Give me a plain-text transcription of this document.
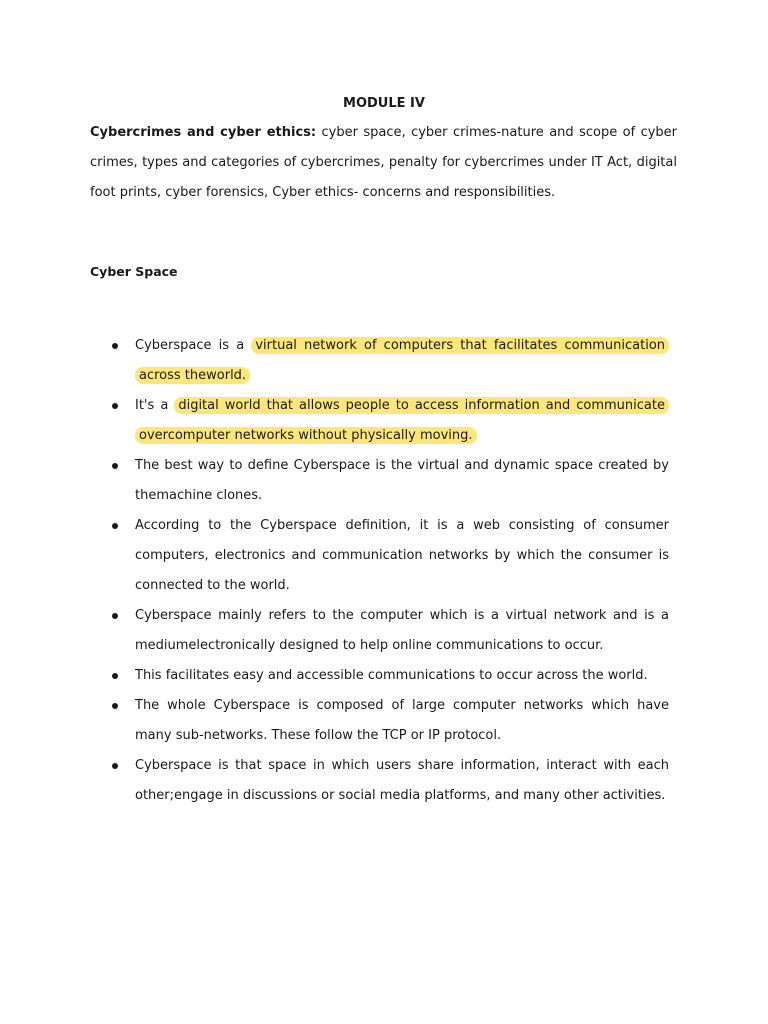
MODULE IV

Cybercrimes and cyber ethics: cyber space, cyber crimes-nature and scope of cyber crimes, types and categories of cybercrimes, penalty for cybercrimes under IT Act, digital foot prints, cyber forensics, Cyber ethics- concerns and responsibilities.

Cyber Space
Cyberspace is a virtual network of computers that facilitates communication across theworld.
It's a digital world that allows people to access information and communicate overcomputer networks without physically moving.
The best way to define Cyberspace is the virtual and dynamic space created by themachine clones.
According to the Cyberspace definition, it is a web consisting of consumer computers, electronics and communication networks by which the consumer is connected to the world.
Cyberspace mainly refers to the computer which is a virtual network and is a mediumelectronically designed to help online communications to occur.
This facilitates easy and accessible communications to occur across the world.
The whole Cyberspace is composed of large computer networks which have many sub-networks. These follow the TCP or IP protocol.
Cyberspace is that space in which users share information, interact with each other;engage in discussions or social media platforms, and many other activities.
